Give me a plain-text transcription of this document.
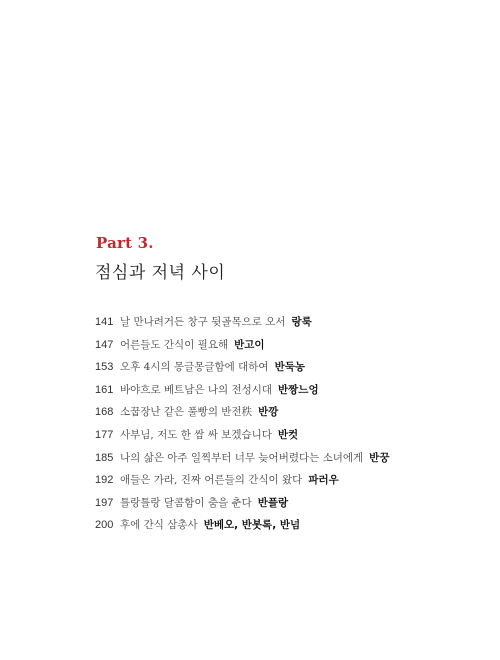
Part 3.
점심과 저녁 사이
141 날 만나려거든 창구 뒷골목으로 오서 랑룩
147 어른들도 간식이 필요해 반고이
153 오후 4시의 몽글몽글함에 대하여 반둑농
161 바야흐로 베트남은 나의 전성시대 반짱느엉
168 소꿉장난 같은 풀빵의 반전秩 반깡
177 사부님, 저도 한 쌈 싸 보겠습니다 반컷
185 나의 삶은 아주 일찍부터 너무 늦어버렸다는 소녀에게 반꿍
192 애들은 가라, 진짜 어른들의 간식이 왔다 파러우
197 틀랑틀랑 달콤함이 춤을 춘다 반플랑
200 후에 간식 삼총사 반베오, 반봇록, 반넘
